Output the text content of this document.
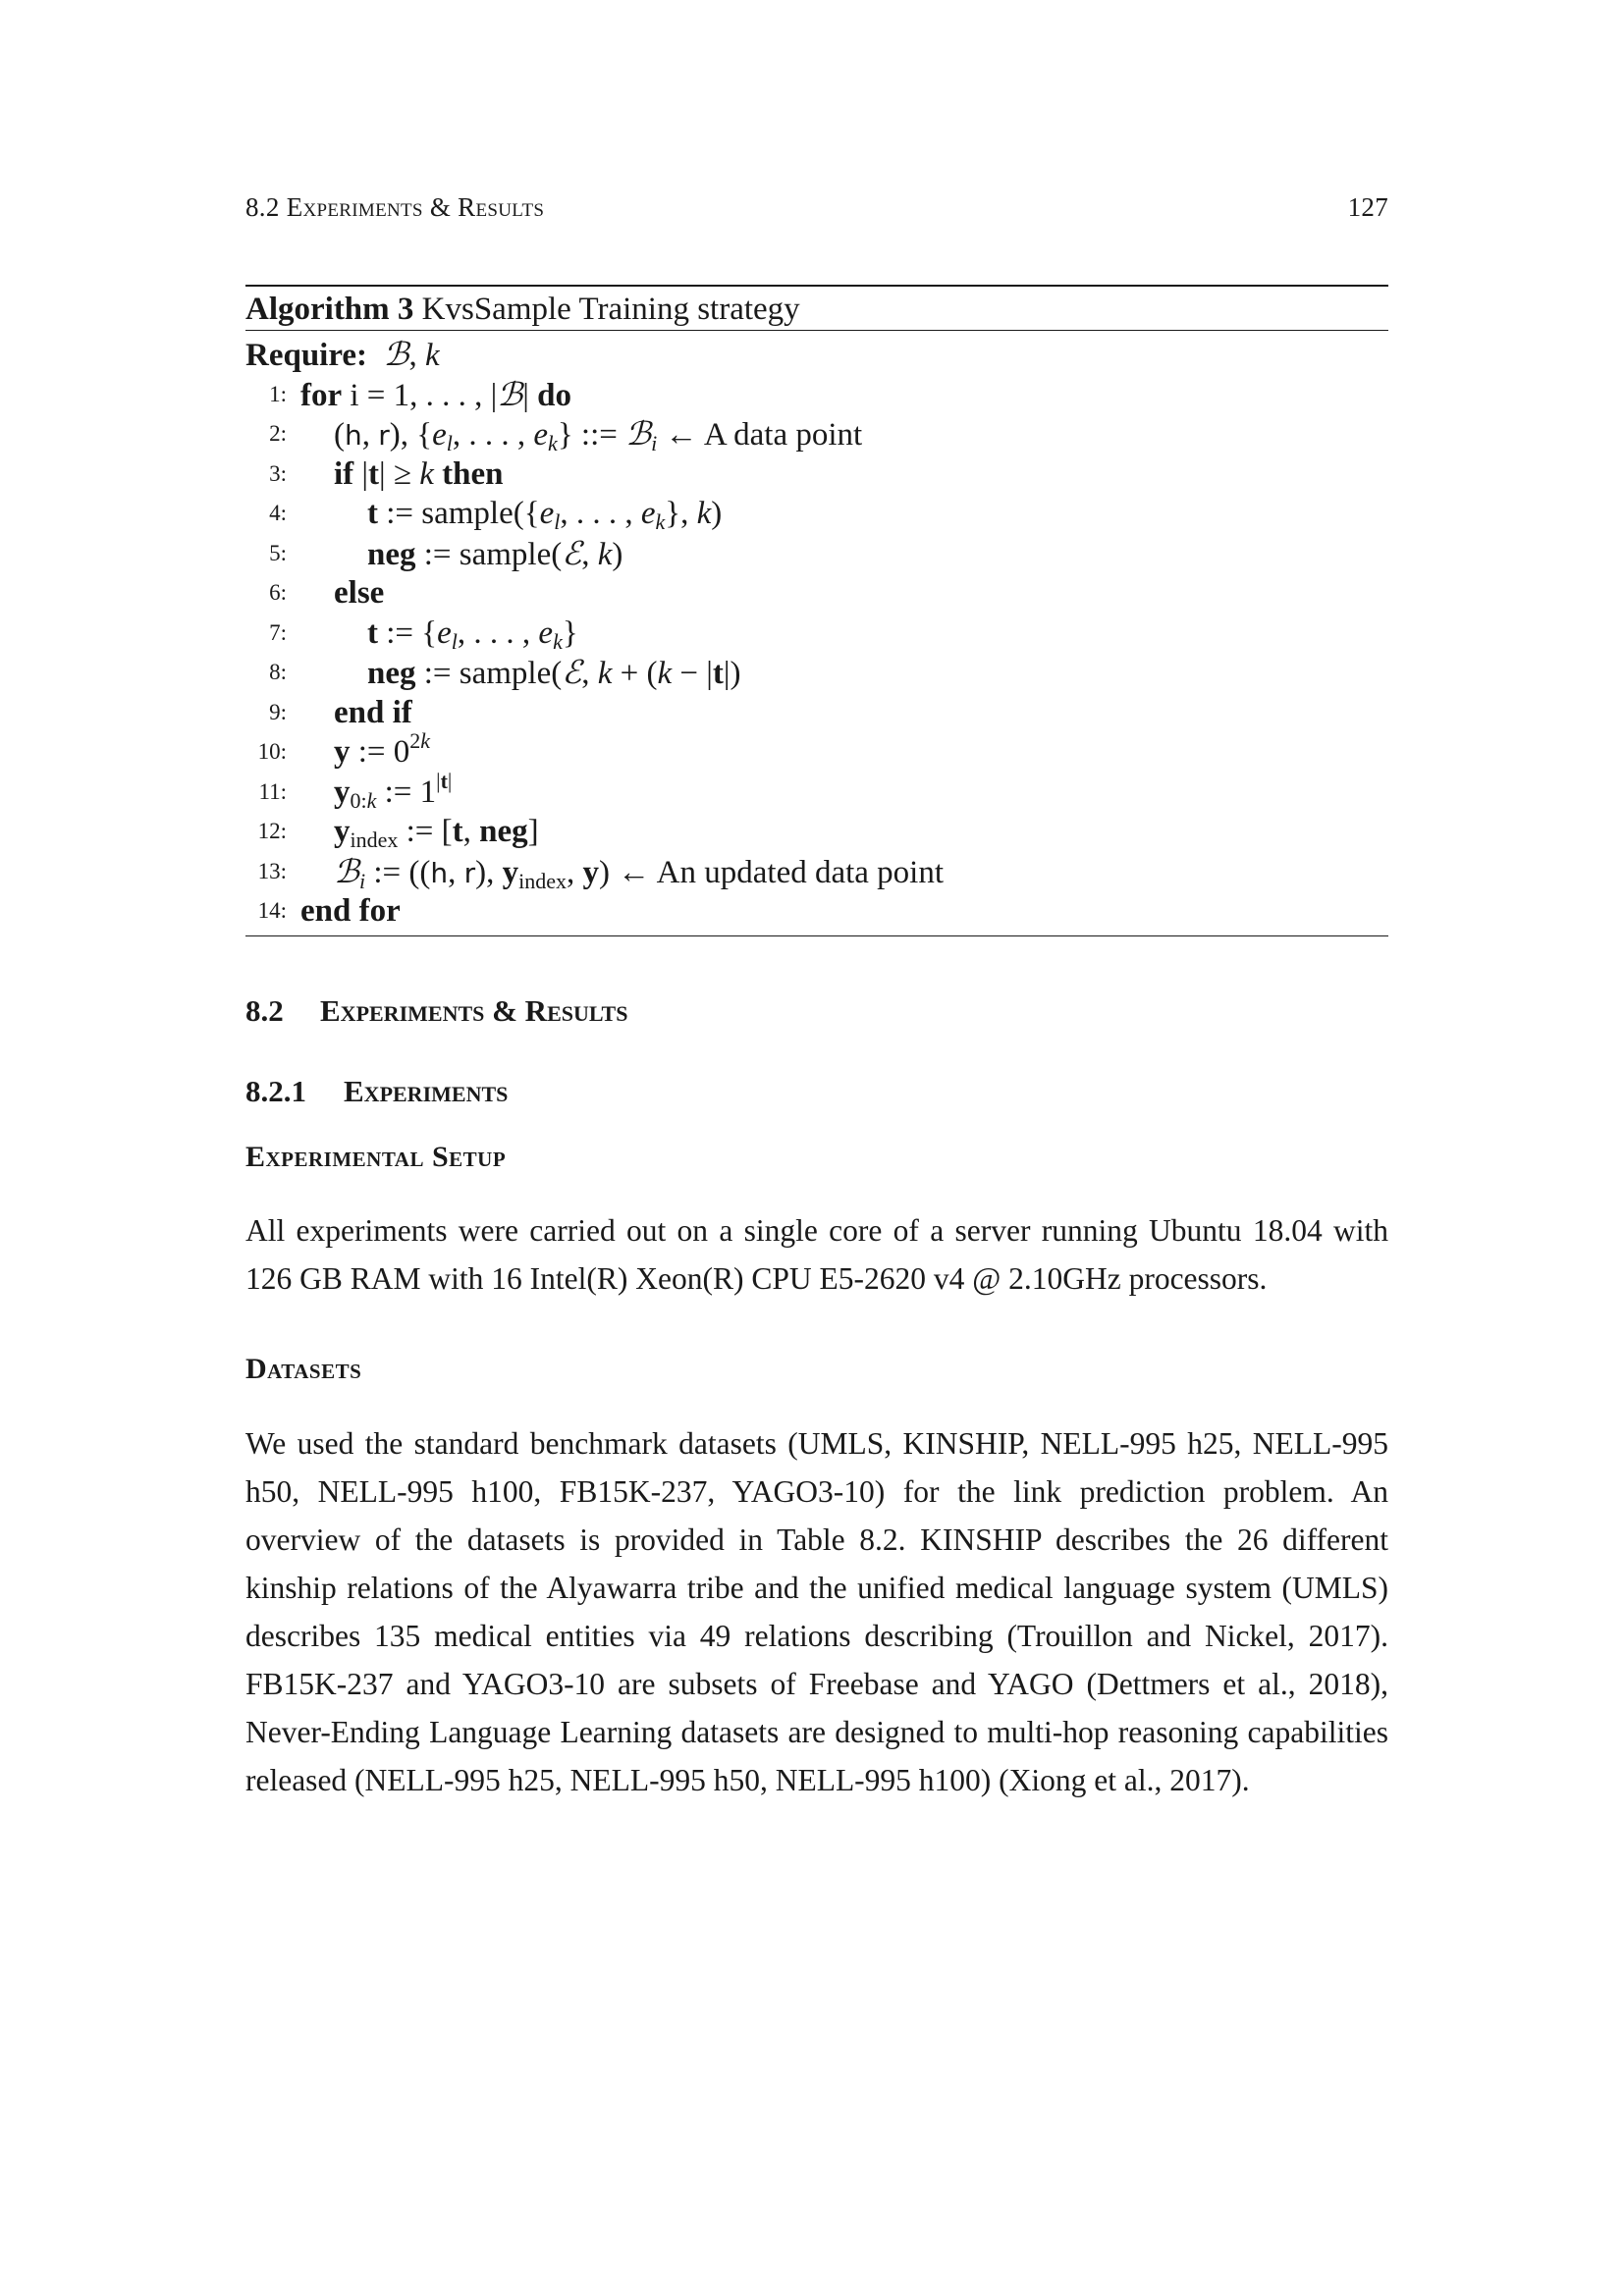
8.2 Experiments & Results	127
Algorithm 3 KvsSample Training strategy
Require: ℬ, k
1: for i = 1, . . . , |ℬ| do
2:	(h, r), {$e_l$, . . . , $e_k$} ::= ℬ$_i$ ← A data point
3:	if |t| ≥ k then
4:	t := $sample(\{e_l$, . . . , $e_k$}, k)
5:	neg := sample(ℰ, k)
6:	else
7:	t := {$e_l$, . . . , $e_k$}
8:	neg := sample(ℰ, k + (k − |t|)
9:	end if
10:	y := $0^{2k}$
11:	$y_{0:k}$ := $1^{|t|}$
12:	$y_{index}$ := [t, neg]
13:	ℬ$_i$ := ((h, r), $y_{index}$, y) ← An updated data point
14: end for
8.2 Experiments & Results
8.2.1 Experiments
Experimental Setup
All experiments were carried out on a single core of a server running Ubuntu 18.04 with 126 GB RAM with 16 Intel(R) Xeon(R) CPU E5-2620 v4 @ 2.10GHz processors.
Datasets
We used the standard benchmark datasets (UMLS, KINSHIP, NELL-995 h25, NELL-995 h50, NELL-995 h100, FB15K-237, YAGO3-10) for the link prediction problem. An overview of the datasets is provided in Table 8.2. KINSHIP describes the 26 different kinship relations of the Alyawarra tribe and the unified medical language system (UMLS) describes 135 medical entities via 49 relations describing (Trouillon and Nickel, 2017). FB15K-237 and YAGO3-10 are subsets of Freebase and YAGO (Dettmers et al., 2018), Never-Ending Language Learning datasets are designed to multi-hop reasoning capabilities released (NELL-995 h25, NELL-995 h50, NELL-995 h100) (Xiong et al., 2017).
